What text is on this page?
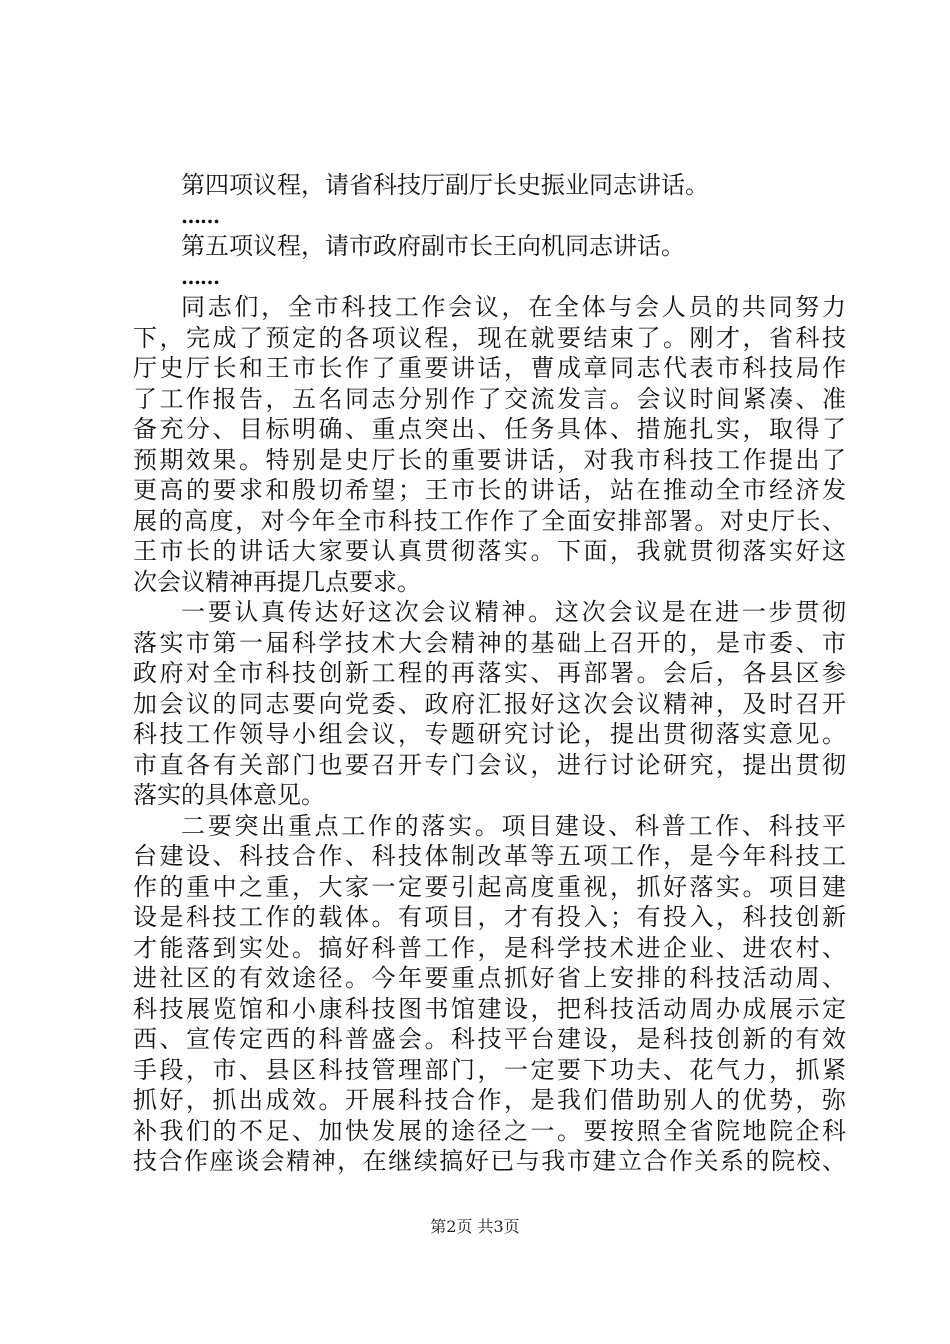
第四项议程，请省科技厅副厅长史振业同志讲话。
……
第五项议程，请市政府副市长王向机同志讲话。
……
同志们，全市科技工作会议，在全体与会人员的共同努力
下，完成了预定的各项议程，现在就要结束了。刚才，省科技
厅史厅长和王市长作了重要讲话，曹成章同志代表市科技局作
了工作报告，五名同志分别作了交流发言。会议时间紧凑、准
备充分、目标明确、重点突出、任务具体、措施扎实，取得了
预期效果。特别是史厅长的重要讲话，对我市科技工作提出了
更高的要求和殷切希望；王市长的讲话，站在推动全市经济发
展的高度，对今年全市科技工作作了全面安排部署。对史厅长、
王市长的讲话大家要认真贯彻落实。下面，我就贯彻落实好这
次会议精神再提几点要求。
一要认真传达好这次会议精神。这次会议是在进一步贯彻
落实市第一届科学技术大会精神的基础上召开的，是市委、市
政府对全市科技创新工程的再落实、再部署。会后，各县区参
加会议的同志要向党委、政府汇报好这次会议精神，及时召开
科技工作领导小组会议，专题研究讨论，提出贯彻落实意见。
市直各有关部门也要召开专门会议，进行讨论研究，提出贯彻
落实的具体意见。
二要突出重点工作的落实。项目建设、科普工作、科技平
台建设、科技合作、科技体制改革等五项工作，是今年科技工
作的重中之重，大家一定要引起高度重视，抓好落实。项目建
设是科技工作的载体。有项目，才有投入；有投入，科技创新
才能落到实处。搞好科普工作，是科学技术进企业、进农村、
进社区的有效途径。今年要重点抓好省上安排的科技活动周、
科技展览馆和小康科技图书馆建设，把科技活动周办成展示定
西、宣传定西的科普盛会。科技平台建设，是科技创新的有效
手段，市、县区科技管理部门，一定要下功夫、花气力，抓紧
抓好，抓出成效。开展科技合作，是我们借助别人的优势，弥
补我们的不足、加快发展的途径之一。要按照全省院地院企科
技合作座谈会精神，在继续搞好已与我市建立合作关系的院校、
第2页 共3页
